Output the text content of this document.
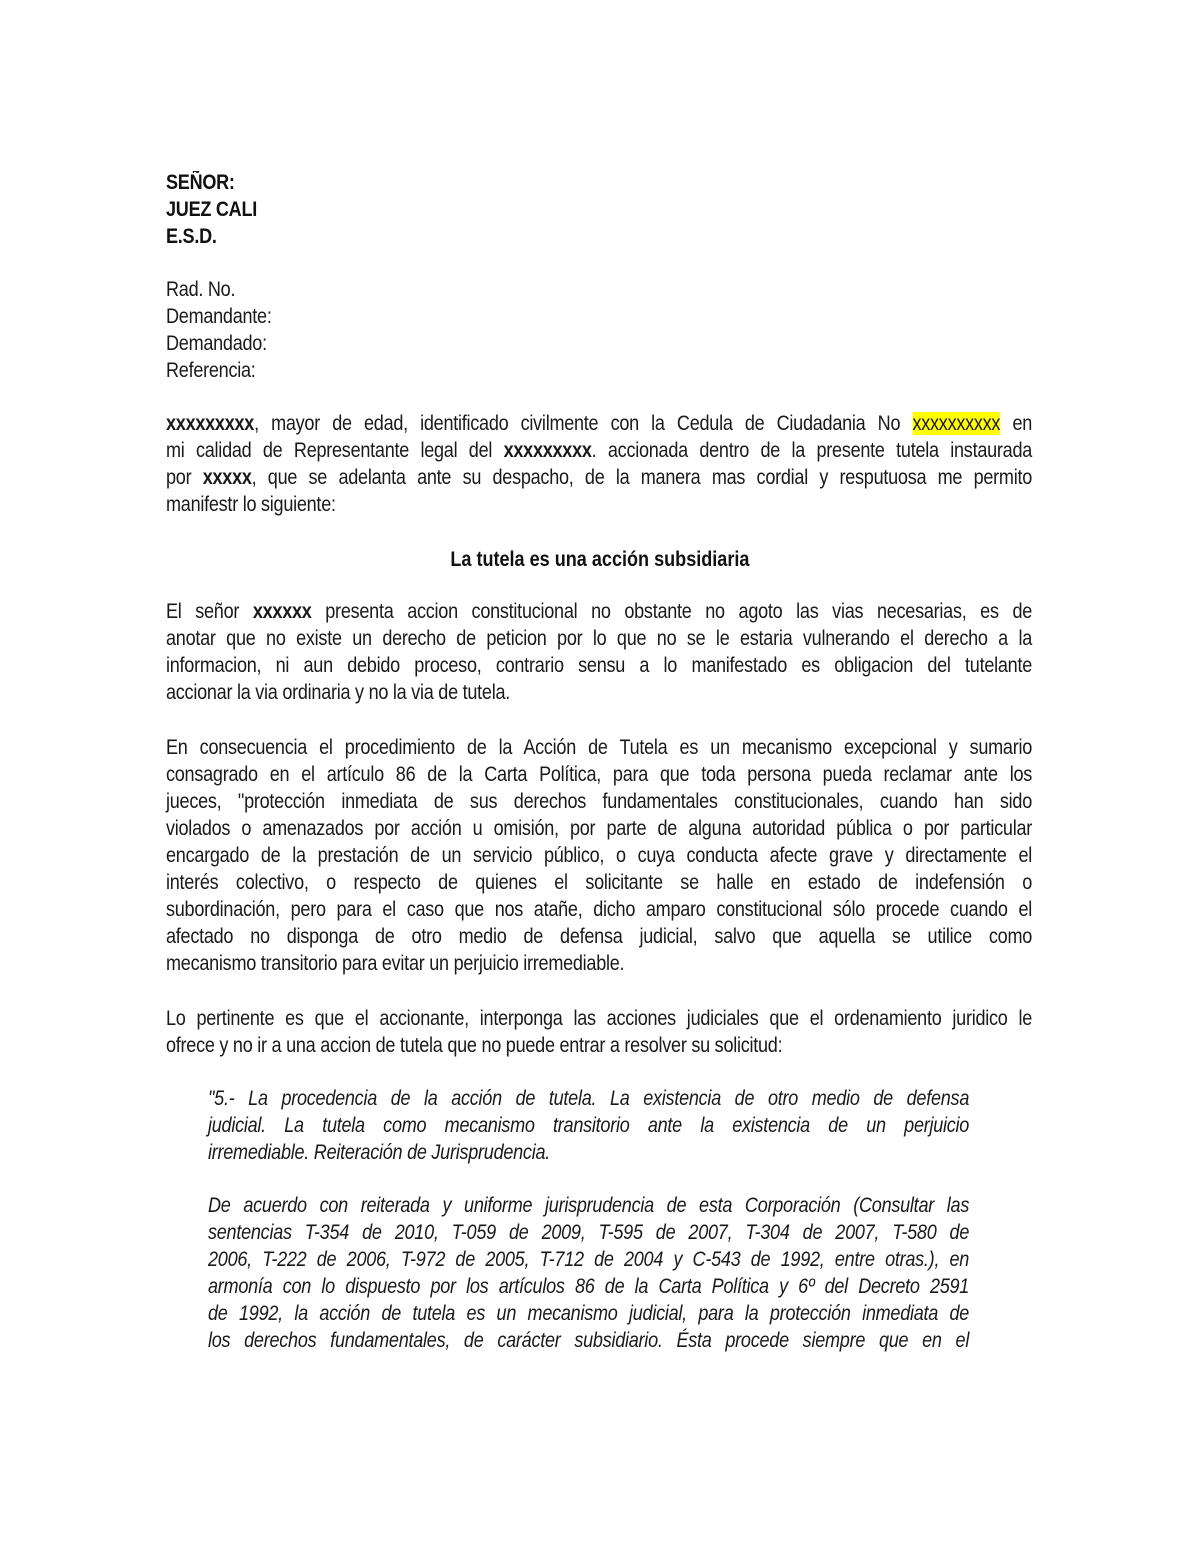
SEÑOR:
JUEZ CALI
E.S.D.
Rad. No.
Demandante:
Demandado:
Referencia:
xxxxxxxxx, mayor de edad, identificado civilmente con la Cedula de Ciudadania No xxxxxxxxxx en
mi calidad de Representante legal del xxxxxxxxx. accionada dentro de la presente tutela instaurada
por xxxxx, que se adelanta ante su despacho, de la manera mas cordial y resputuosa me permito
manifestr lo siguiente:
La tutela es una acción subsidiaria
El señor xxxxxx presenta accion constitucional no obstante no agoto las vias necesarias, es de
anotar que no existe un derecho de peticion por lo que no se le estaria vulnerando el derecho a la
informacion, ni aun debido proceso, contrario sensu a lo manifestado es obligacion del tutelante
accionar la via ordinaria y no la via de tutela.
En consecuencia el procedimiento de la Acción de Tutela es un mecanismo excepcional y sumario
consagrado en el artículo 86 de la Carta Política, para que toda persona pueda reclamar ante los
jueces, "protección inmediata de sus derechos fundamentales constitucionales, cuando han sido
violados o amenazados por acción u omisión, por parte de alguna autoridad pública o por particular
encargado de la prestación de un servicio público, o cuya conducta afecte grave y directamente el
interés colectivo, o respecto de quienes el solicitante se halle en estado de indefensión o
subordinación, pero para el caso que nos atañe, dicho amparo constitucional sólo procede cuando el
afectado no disponga de otro medio de defensa judicial, salvo que aquella se utilice como
mecanismo transitorio para evitar un perjuicio irremediable.
Lo pertinente es que el accionante, interponga las acciones judiciales que el ordenamiento juridico le
ofrece y no ir a una accion de tutela que no puede entrar a resolver su solicitud:
"5.- La procedencia de la acción de tutela. La existencia de otro medio de defensa
judicial. La tutela como mecanismo transitorio ante la existencia de un perjuicio
irremediable. Reiteración de Jurisprudencia.
De acuerdo con reiterada y uniforme jurisprudencia de esta Corporación (Consultar las
sentencias T-354 de 2010, T-059 de 2009, T-595 de 2007, T-304 de 2007, T-580 de
2006, T-222 de 2006, T-972 de 2005, T-712 de 2004 y C-543 de 1992, entre otras.), en
armonía con lo dispuesto por los artículos 86 de la Carta Política y 6º del Decreto 2591
de 1992, la acción de tutela es un mecanismo judicial, para la protección inmediata de
los derechos fundamentales, de carácter subsidiario. Ésta procede siempre que en el
